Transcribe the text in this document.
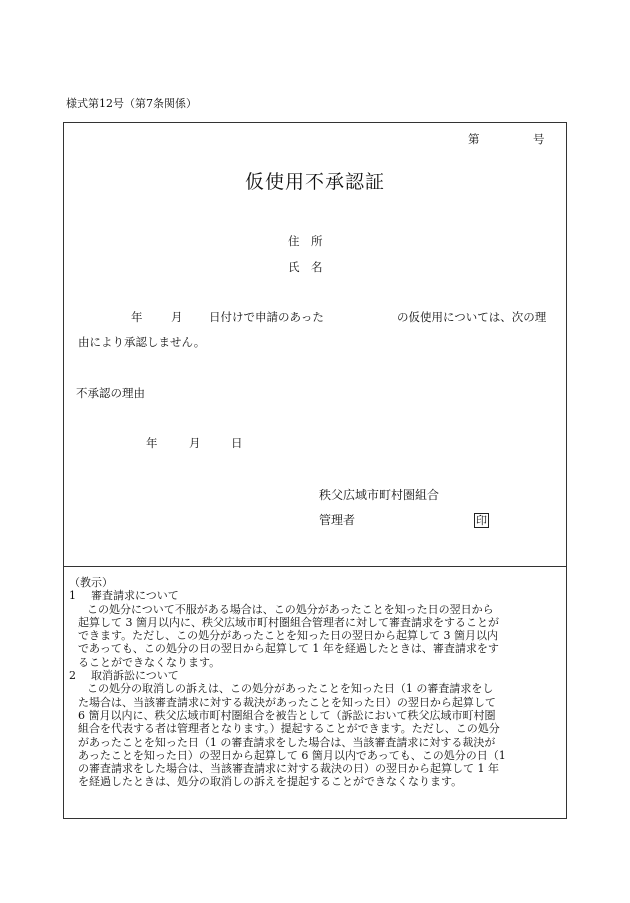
様式第12号（第7条関係）
第	号
仮使用不承認証
住　所
氏　名
年 月 日付けで申請のあった	の仮使用については、次の理
由により承認しません。
不承認の理由
年	月	日
秩父広域市町村圏組合
管理者	印
（教示）
1 審査請求について
この処分について不服がある場合は、この処分があったことを知った日の翌日から
起算して 3 箇月以内に、秩父広域市町村圏組合管理者に対して審査請求をすることが
できます。ただし、この処分があったことを知った日の翌日から起算して 3 箇月以内
であっても、この処分の日の翌日から起算して 1 年を経過したときは、審査請求をす
ることができなくなります。
2 取消訴訟について
この処分の取消しの訴えは、この処分があったことを知った日（1 の審査請求をし
た場合は、当該審査請求に対する裁決があったことを知った日）の翌日から起算して
6 箇月以内に、秩父広域市町村圏組合を被告として（訴訟において秩父広域市町村圏
組合を代表する者は管理者となります。）提起することができます。ただし、この処分
があったことを知った日（1 の審査請求をした場合は、当該審査請求に対する裁決が
あったことを知った日）の翌日から起算して 6 箇月以内であっても、この処分の日（1
の審査請求をした場合は、当該審査請求に対する裁決の日）の翌日から起算して 1 年
を経過したときは、処分の取消しの訴えを提起することができなくなります。
